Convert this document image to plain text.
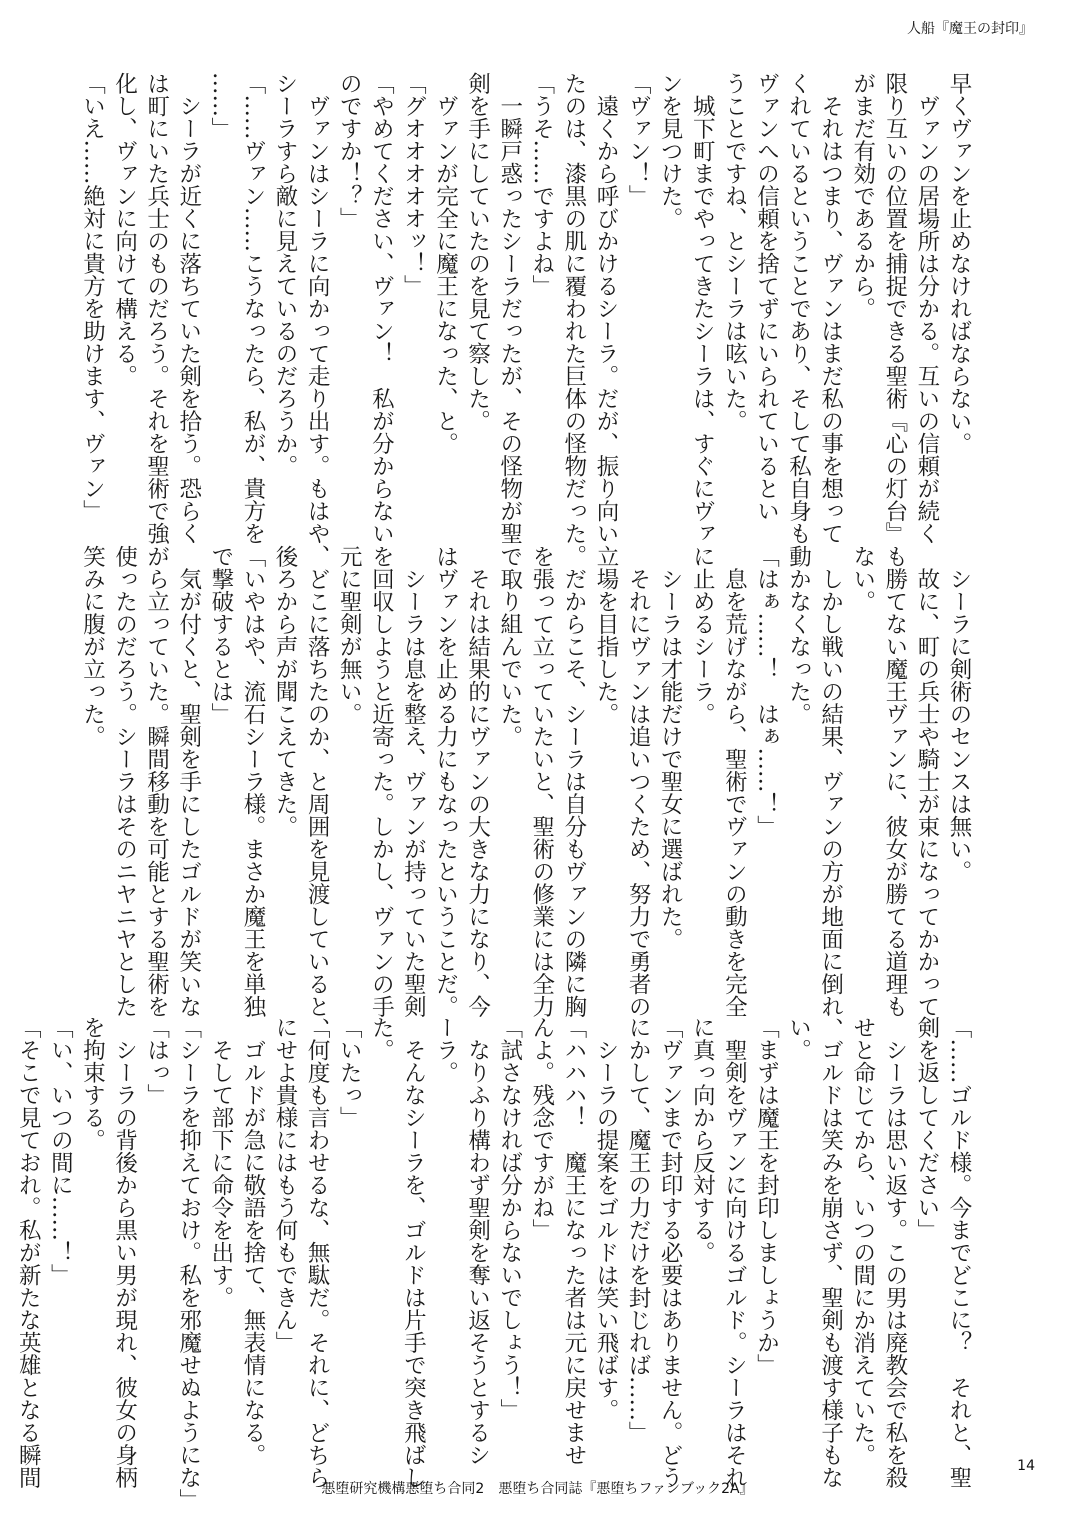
人船『魔王の封印』

早くヴァンを止めなければならない。

　ヴァンの居場所は分かる。互いの信頼が続く

限り互いの位置を捕捉できる聖術『心の灯台』

がまだ有効であるから。

　それはつまり、ヴァンはまだ私の事を想って

くれているということであり、そして私自身も

ヴァンへの信頼を捨てずにいられているとい

うことですね、とシーラは呟いた。

　城下町までやってきたシーラは、すぐにヴァ

ンを見つけた。

「ヴァン！」

　遠くから呼びかけるシーラ。だが、振り向い

たのは、漆黒の肌に覆われた巨体の怪物だった。

「うそ……ですよね」

　一瞬戸惑ったシーラだったが、その怪物が聖

剣を手にしていたのを見て察した。

　ヴァンが完全に魔王になった、と。

「グオオオオオッ！」

「やめてください、ヴァン！　私が分からない

のですか！？」

　ヴァンはシーラに向かって走り出す。もはや、

シーラすら敵に見えているのだろうか。

「……ヴァン……こうなったら、私が、貴方を

……」

　シーラが近くに落ちていた剣を拾う。恐らく

は町にいた兵士のものだろう。それを聖術で強

化し、ヴァンに向けて構える。

「いえ……絶対に貴方を助けます、ヴァン」

　シーラに剣術のセンスは無い。

　故に、町の兵士や騎士が束になってかかって

も勝てない魔王ヴァンに、彼女が勝てる道理も

ない。

　しかし戦いの結果、ヴァンの方が地面に倒れ、

動かなくなった。

「はぁ……！　はぁ……！」

　息を荒げながら、聖術でヴァンの動きを完全

に止めるシーラ。

　シーラは才能だけで聖女に選ばれた。

　それにヴァンは追いつくため、努力で勇者の

立場を目指した。

　だからこそ、シーラは自分もヴァンの隣に胸

を張って立っていたいと、聖術の修業には全力

で取り組んでいた。

　それは結果的にヴァンの大きな力になり、今

はヴァンを止める力にもなったということだ。

　シーラは息を整え、ヴァンが持っていた聖剣

を回収しようと近寄った。しかし、ヴァンの手

元に聖剣が無い。

　どこに落ちたのか、と周囲を見渡していると、

後ろから声が聞こえてきた。

「いやはや、流石シーラ様。まさか魔王を単独

で撃破するとは」

　気が付くと、聖剣を手にしたゴルドが笑いな

がら立っていた。瞬間移動を可能とする聖術を

使ったのだろう。シーラはそのニヤニヤとした

笑みに腹が立った。

「……ゴルド様。今までどこに？　それと、聖

剣を返してください」

　シーラは思い返す。この男は廃教会で私を殺

せと命じてから、いつの間にか消えていた。

　ゴルドは笑みを崩さず、聖剣も渡す様子もな

い。

「まずは魔王を封印しましょうか」

　聖剣をヴァンに向けるゴルド。シーラはそれ

に真っ向から反対する。

「ヴァンまで封印する必要はありません。どう

にかして、魔王の力だけを封じれば……」

　シーラの提案をゴルドは笑い飛ばす。

「ハハハ！　魔王になった者は元に戻せませ

んよ。残念ですがね」

「試さなければ分からないでしょう！」

　なりふり構わず聖剣を奪い返そうとするシ

ーラ。

　そんなシーラを、ゴルドは片手で突き飛ばし

た。

「いたっ」

「何度も言わせるな、無駄だ。それに、どちら

にせよ貴様にはもう何もできん」

　ゴルドが急に敬語を捨て、無表情になる。

　そして部下に命令を出す。

「シーラを抑えておけ。私を邪魔せぬようにな」

「はっ」

　シーラの背後から黒い男が現れ、彼女の身柄

を拘束する。

「い、いつの間に……！」

「そこで見ておれ。私が新たな英雄となる瞬間

悪堕研究機構悪堕ち合同2　悪堕ち合同誌『悪堕ちファンブック2A』
14
